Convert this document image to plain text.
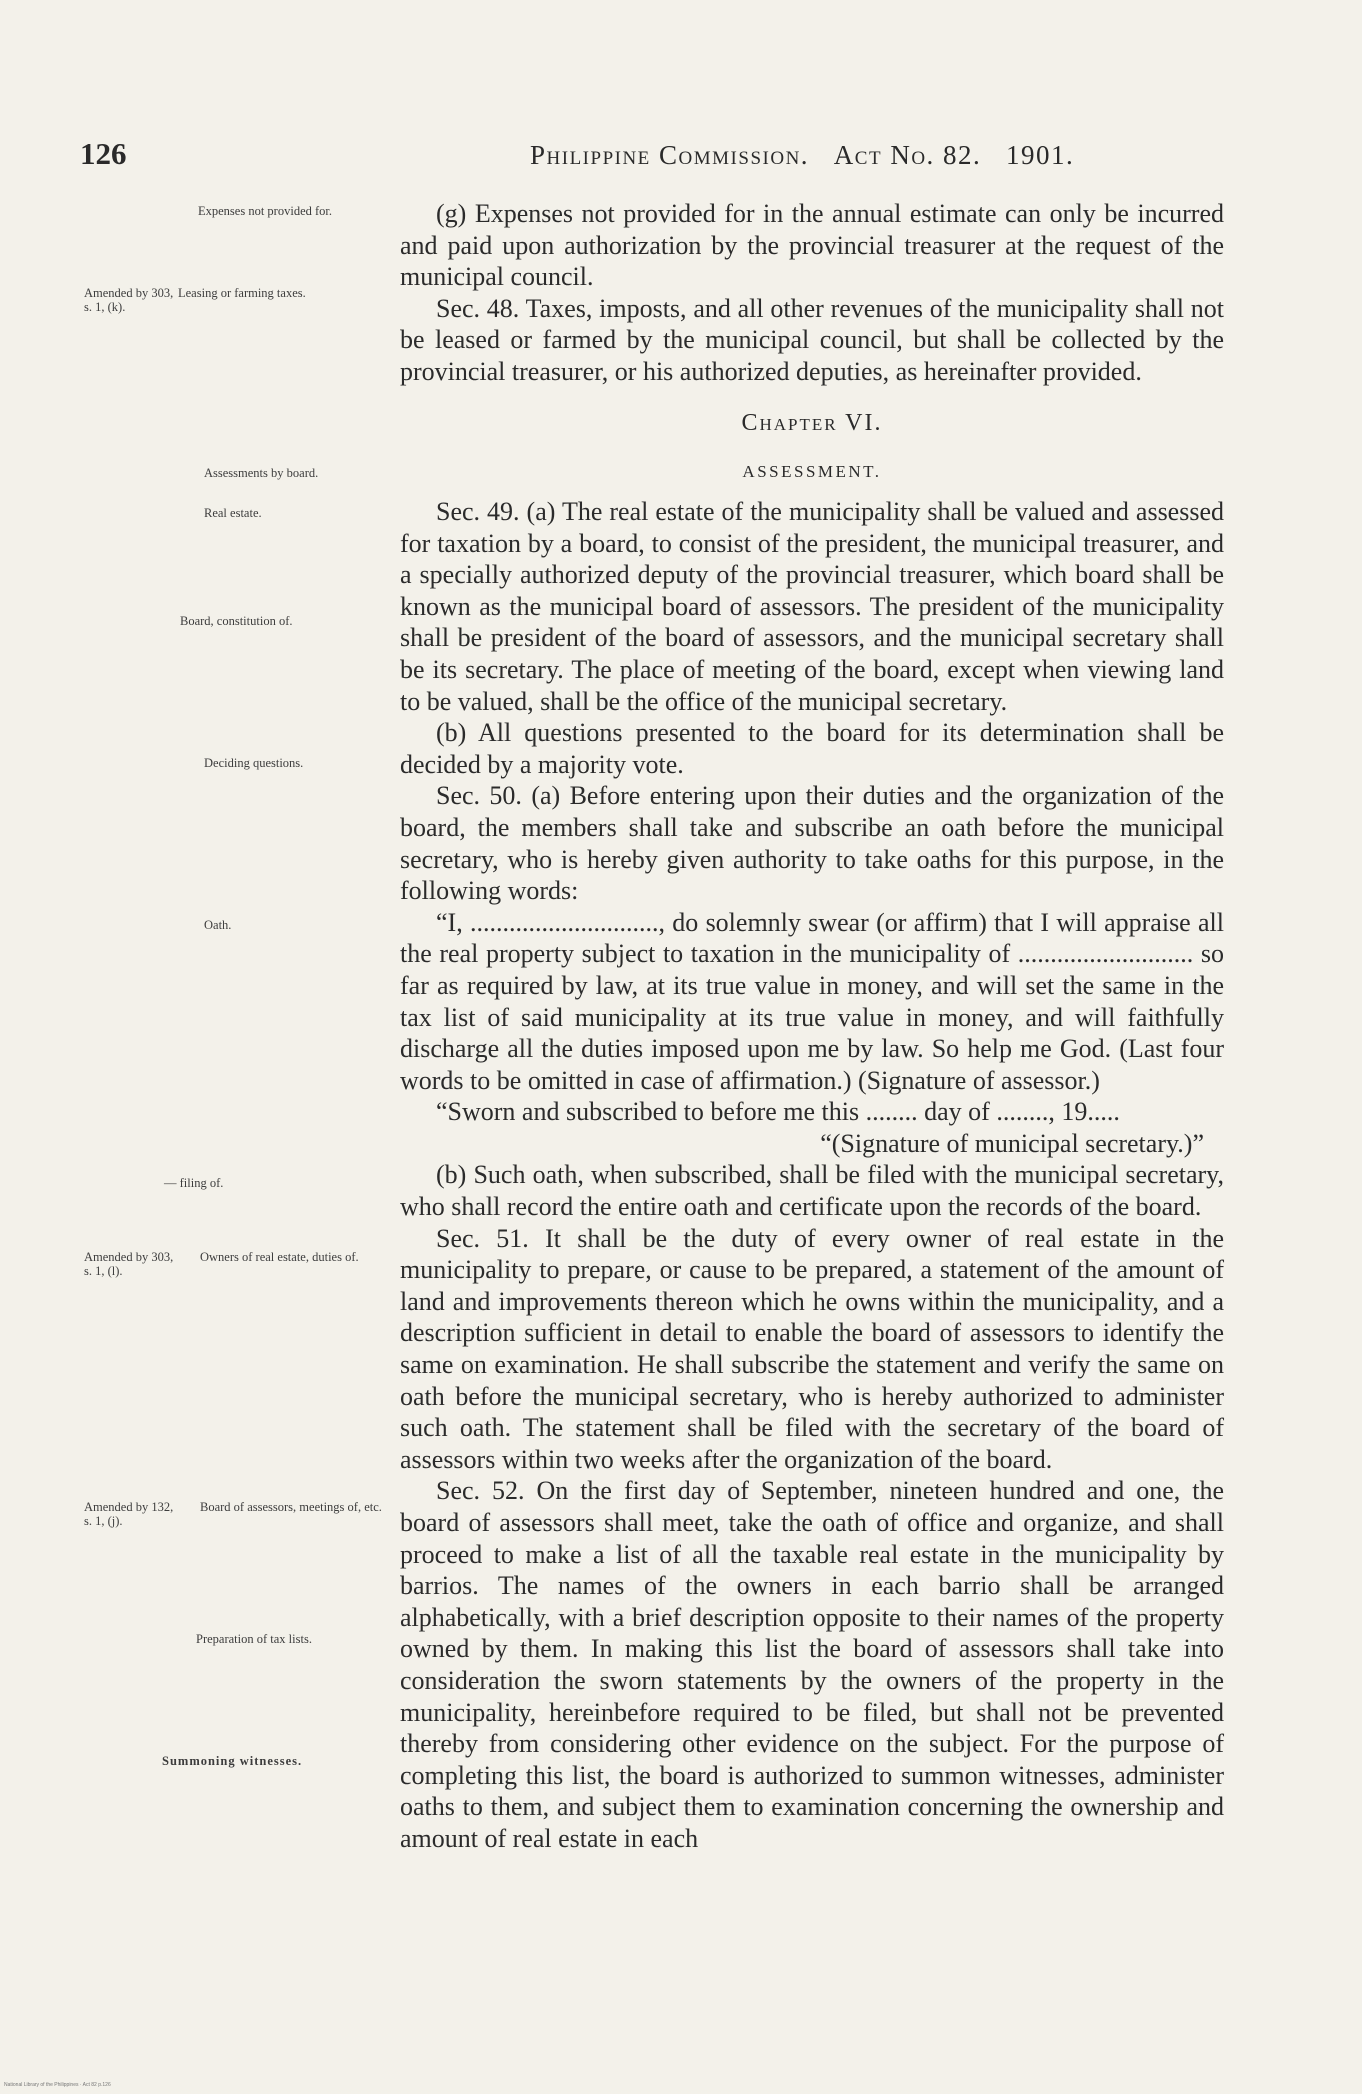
126	Philippine Commission. Act No. 82. 1901.
Expenses not provided for.
Amended by 303, s. 1, (k).
Leasing or farming taxes.
Assessments by board.
Real estate.
Board, constitution of.
Deciding questions.
Oath.
— filing of.
Amended by 303, s. 1, (l).
Owners of real estate, duties of.
Amended by 132, s. 1, (j).
Board of assessors, meetings of, etc.
Preparation of tax lists.
Summoning witnesses.

(g) Expenses not provided for in the annual estimate can only be incurred and paid upon authorization by the provincial treasurer at the request of the municipal council.

Sec. 48. Taxes, imposts, and all other revenues of the municipality shall not be leased or farmed by the municipal council, but shall be collected by the provincial treasurer, or his authorized deputies, as hereinafter provided.

Chapter VI.
ASSESSMENT.

Sec. 49. (a) The real estate of the municipality shall be valued and assessed for taxation by a board, to consist of the president, the municipal treasurer, and a specially authorized deputy of the provincial treasurer, which board shall be known as the municipal board of assessors. The president of the municipality shall be president of the board of assessors, and the municipal secretary shall be its secretary. The place of meeting of the board, except when viewing land to be valued, shall be the office of the municipal secretary.

(b) All questions presented to the board for its determination shall be decided by a majority vote.

Sec. 50. (a) Before entering upon their duties and the organization of the board, the members shall take and subscribe an oath before the municipal secretary, who is hereby given authority to take oaths for this purpose, in the following words:

“I, ............................., do solemnly swear (or affirm) that I will appraise all the real property subject to taxation in the municipality of ........................... so far as required by law, at its true value in money, and will set the same in the tax list of said municipality at its true value in money, and will faithfully discharge all the duties imposed upon me by law. So help me God. (Last four words to be omitted in case of affirmation.) (Signature of assessor.)

“Sworn and subscribed to before me this ........ day of ........, 19.....

“(Signature of municipal secretary.)”

(b) Such oath, when subscribed, shall be filed with the municipal secretary, who shall record the entire oath and certificate upon the records of the board.

Sec. 51. It shall be the duty of every owner of real estate in the municipality to prepare, or cause to be prepared, a statement of the amount of land and improvements thereon which he owns within the municipality, and a description sufficient in detail to enable the board of assessors to identify the same on examination. He shall subscribe the statement and verify the same on oath before the municipal secretary, who is hereby authorized to administer such oath. The statement shall be filed with the secretary of the board of assessors within two weeks after the organization of the board.

Sec. 52. On the first day of September, nineteen hundred and one, the board of assessors shall meet, take the oath of office and organize, and shall proceed to make a list of all the taxable real estate in the municipality by barrios. The names of the owners in each barrio shall be arranged alphabetically, with a brief description opposite to their names of the property owned by them. In making this list the board of assessors shall take into consideration the sworn statements by the owners of the property in the municipality, hereinbefore required to be filed, but shall not be prevented thereby from considering other evidence on the subject. For the purpose of completing this list, the board is authorized to summon witnesses, administer oaths to them, and subject them to examination concerning the ownership and amount of real estate in each

National Library of the Philippines · Act 82 p.126
